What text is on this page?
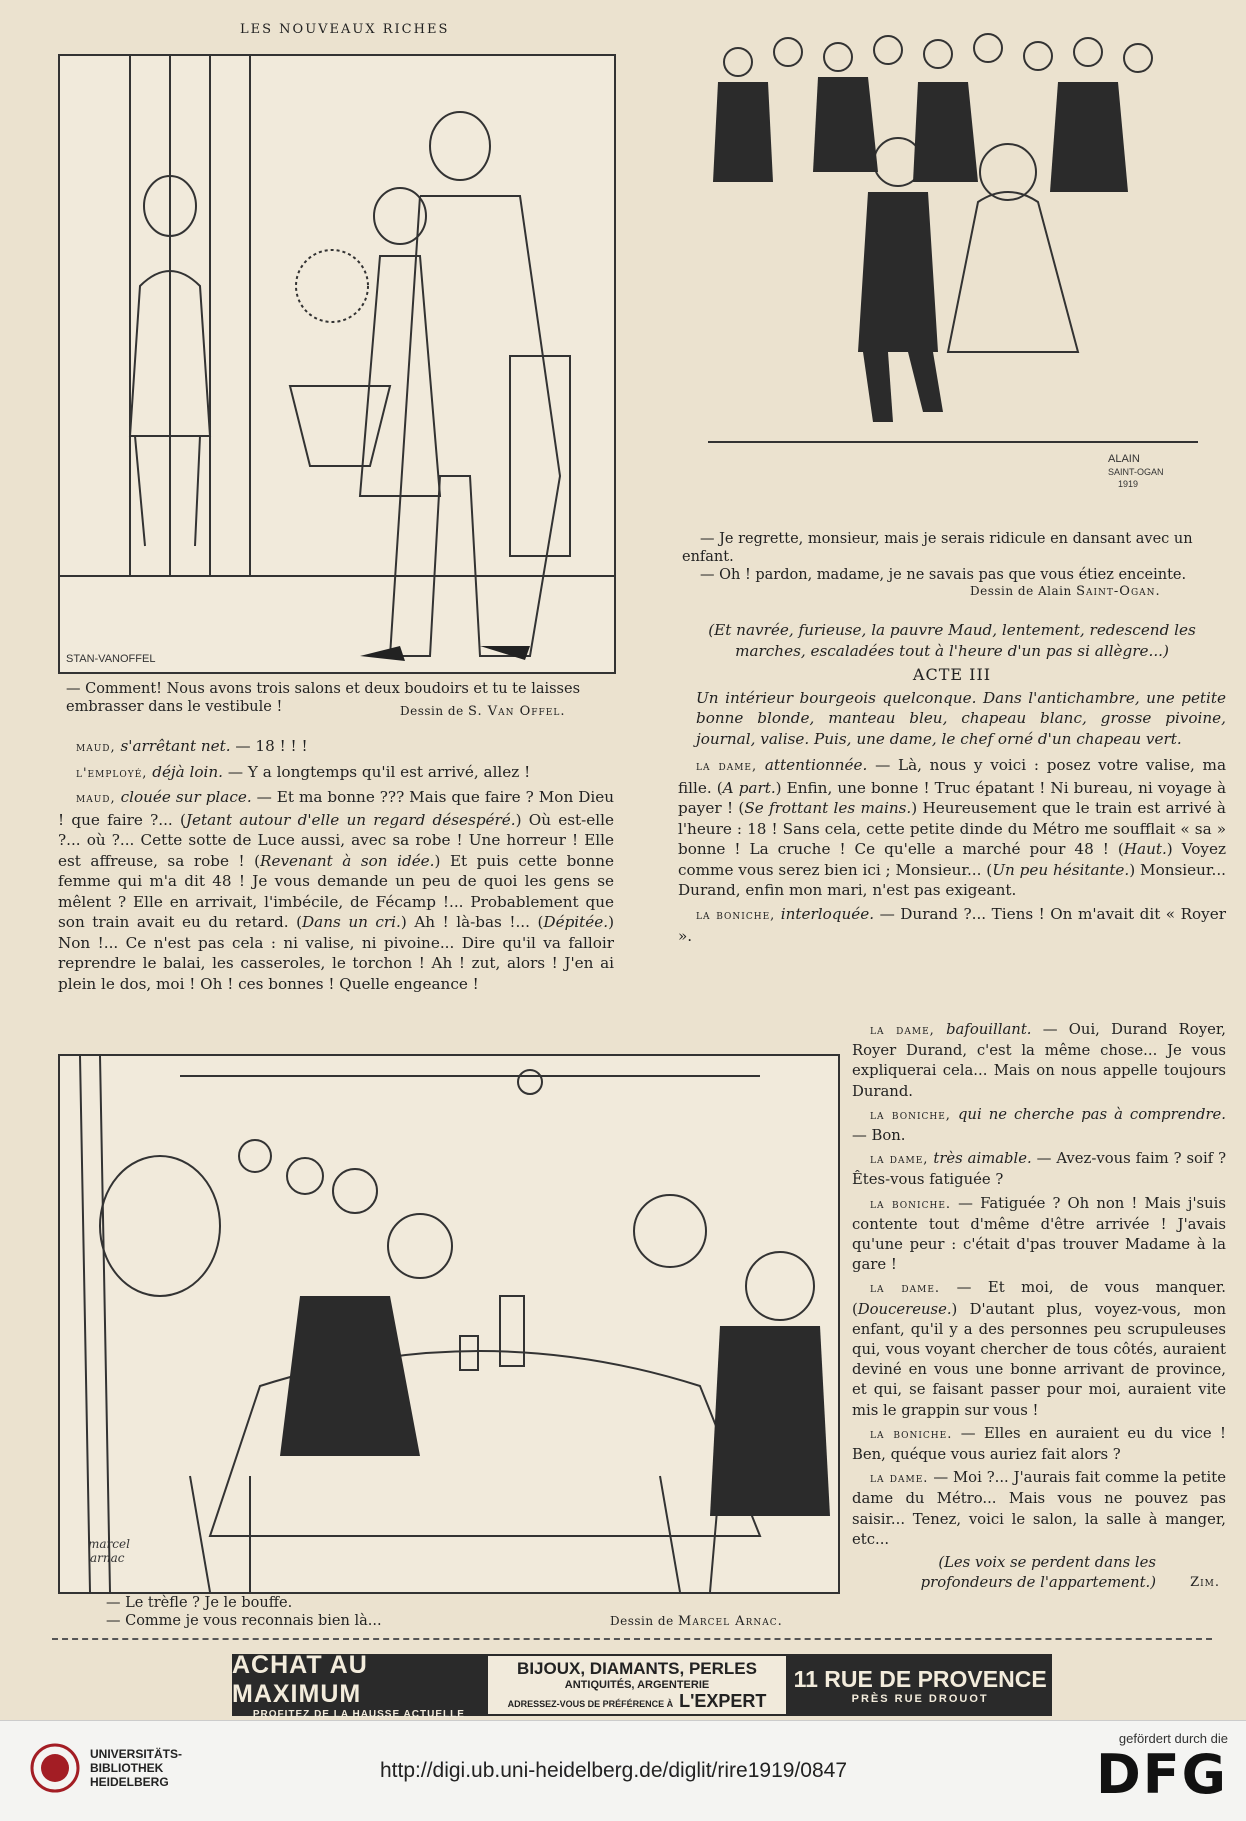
LES NOUVEAUX RICHES
STAN-VANOFFEL
— Comment! Nous avons trois salons et deux boudoirs et tu te laisses embrasser dans le vestibule !	Dessin de S. Van Offel.

maud, s'arrêtant net. — 18 ! ! !

l'employé, déjà loin. — Y a longtemps qu'il est arrivé, allez !

maud, clouée sur place. — Et ma bonne ??? Mais que faire ? Mon Dieu ! que faire ?... (Jetant autour d'elle un regard désespéré.) Où est-elle ?... où ?... Cette sotte de Luce aussi, avec sa robe ! Une horreur ! Elle est affreuse, sa robe ! (Revenant à son idée.) Et puis cette bonne femme qui m'a dit 48 ! Je vous demande un peu de quoi les gens se mêlent ? Elle en arrivait, l'imbécile, de Fécamp !... Probablement que son train avait eu du retard. (Dans un cri.) Ah ! là-bas !... (Dépitée.) Non !... Ce n'est pas cela : ni valise, ni pivoine... Dire qu'il va falloir reprendre le balai, les casseroles, le torchon ! Ah ! zut, alors ! J'en ai plein le dos, moi ! Oh ! ces bonnes ! Quelle engeance !

ALAIN
SAINT-OGAN
1919
— Je regrette, monsieur, mais je serais ridicule en dansant avec un enfant.
— Oh ! pardon, madame, je ne savais pas que vous étiez enceinte.
Dessin de Alain Saint-Ogan.
(Et navrée, furieuse, la pauvre Maud, lentement, redescend les marches, escaladées tout à l'heure d'un pas si allègre...)
ACTE III
Un intérieur bourgeois quelconque. Dans l'antichambre, une petite bonne blonde, manteau bleu, chapeau blanc, grosse pivoine, journal, valise. Puis, une dame, le chef orné d'un chapeau vert.

la dame, attentionnée. — Là, nous y voici : posez votre valise, ma fille. (A part.) Enfin, une bonne ! Truc épatant ! Ni bureau, ni voyage à payer ! (Se frottant les mains.) Heureusement que le train est arrivé à l'heure : 18 ! Sans cela, cette petite dinde du Métro me soufflait « sa » bonne ! La cruche ! Ce qu'elle a marché pour 48 ! (Haut.) Voyez comme vous serez bien ici ; Monsieur... (Un peu hésitante.) Monsieur... Durand, enfin mon mari, n'est pas exigeant.

la boniche, interloquée. — Durand ?... Tiens ! On m'avait dit « Royer ».

la dame, bafouillant. — Oui, Durand Royer, Royer Durand, c'est la même chose... Je vous expliquerai cela... Mais on nous appelle toujours Durand.

la boniche, qui ne cherche pas à comprendre. — Bon.

la dame, très aimable. — Avez-vous faim ? soif ? Êtes-vous fatiguée ?

la boniche. — Fatiguée ? Oh non ! Mais j'suis contente tout d'même d'être arrivée ! J'avais qu'une peur : c'était d'pas trouver Madame à la gare !

la dame. — Et moi, de vous manquer. (Doucereuse.) D'autant plus, voyez-vous, mon enfant, qu'il y a des personnes peu scrupuleuses qui, vous voyant chercher de tous côtés, auraient deviné en vous une bonne arrivant de province, et qui, se faisant passer pour moi, auraient vite mis le grappin sur vous !

la boniche. — Elles en auraient eu du vice ! Ben, quéque vous auriez fait alors ?

la dame. — Moi ?... J'aurais fait comme la petite dame du Métro... Mais vous ne pouvez pas saisir... Tenez, voici le salon, la salle à manger, etc...

(Les voix se perdent dans les profondeurs de l'appartement.)	Zim.
marcel
arnac
— Le trèfle ? Je le bouffe.
— Comme je vous reconnais bien là...	Dessin de Marcel Arnac.
ACHAT AU MAXIMUM
PROFITEZ DE LA HAUSSE ACTUELLE
BIJOUX, DIAMANTS, PERLES
ANTIQUITÉS, ARGENTERIE
ADRESSEZ-VOUS DE PRÉFÉRENCE À L'EXPERT
11 RUE DE PROVENCE
PRÈS RUE DROUOT
UNIVERSITÄTS-
BIBLIOTHEK
HEIDELBERG	http://digi.ub.uni-heidelberg.de/diglit/rire1919/0847
gefördert durch die
DFG
